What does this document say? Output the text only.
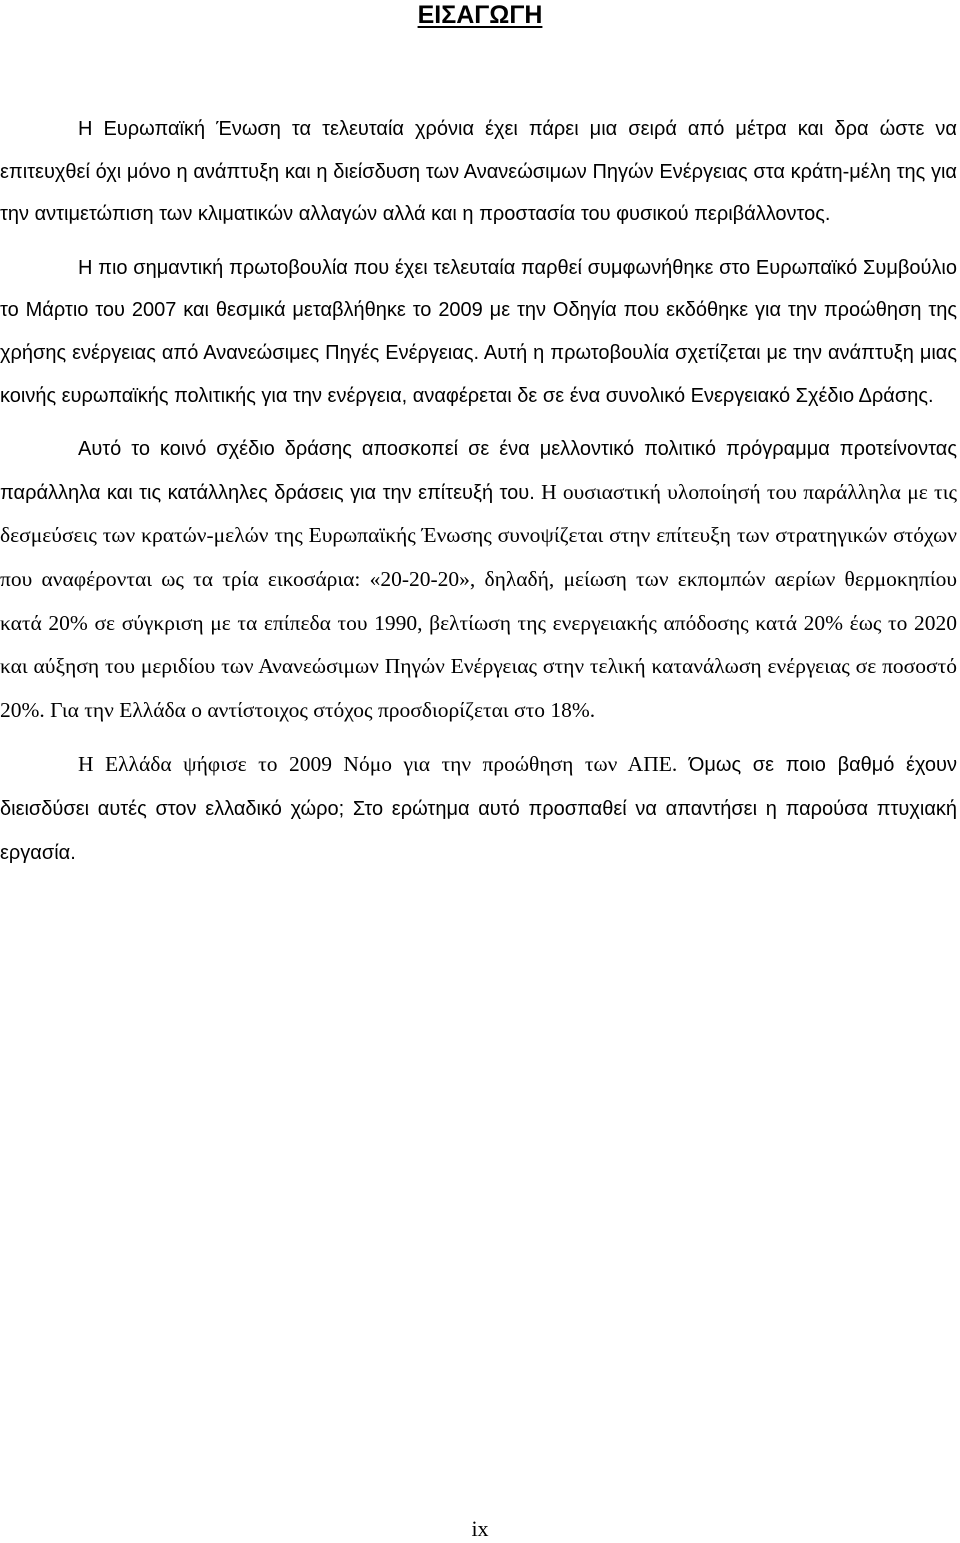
ΕΙΣΑΓΩΓΗ

Η Ευρωπαϊκή Ένωση τα τελευταία χρόνια έχει πάρει μια σειρά από μέτρα και δρα ώστε να επιτευχθεί όχι μόνο η ανάπτυξη και η διείσδυση των Ανανεώσιμων Πηγών Ενέργειας στα κράτη-μέλη της για την αντιμετώπιση των κλιματικών αλλαγών αλλά και η προστασία του φυσικού περιβάλλοντος.

Η πιο σημαντική πρωτοβουλία που έχει τελευταία παρθεί συμφωνήθηκε στο Ευρωπαϊκό Συμβούλιο το Μάρτιο του 2007 και θεσμικά μεταβλήθηκε το 2009 με την Οδηγία που εκδόθηκε για την προώθηση της χρήσης ενέργειας από Ανανεώσιμες Πηγές Ενέργειας. Αυτή η πρωτοβουλία σχετίζεται με την ανάπτυξη μιας κοινής ευρωπαϊκής πολιτικής για την ενέργεια, αναφέρεται δε σε ένα συνολικό Ενεργειακό Σχέδιο Δράσης.

Αυτό το κοινό σχέδιο δράσης αποσκοπεί σε ένα μελλοντικό πολιτικό πρόγραμμα προτείνοντας παράλληλα και τις κατάλληλες δράσεις για την επίτευξή του. Η ουσιαστική υλοποίησή του παράλληλα με τις δεσμεύσεις των κρατών-μελών της Ευρωπαϊκής Ένωσης συνοψίζεται στην επίτευξη των στρατηγικών στόχων που αναφέρονται ως τα τρία εικοσάρια: «20-20-20», δηλαδή, μείωση των εκπομπών αερίων θερμοκηπίου κατά 20% σε σύγκριση με τα επίπεδα του 1990, βελτίωση της ενεργειακής απόδοσης κατά 20% έως το 2020 και αύξηση του μεριδίου των Ανανεώσιμων Πηγών Ενέργειας στην τελική κατανάλωση ενέργειας σε ποσοστό 20%. Για την Ελλάδα ο αντίστοιχος στόχος προσδιορίζεται στο 18%.

Η Ελλάδα ψήφισε το 2009 Νόμο για την προώθηση των ΑΠΕ. Όμως σε ποιο βαθμό έχουν διεισδύσει αυτές στον ελλαδικό χώρο; Στο ερώτημα αυτό προσπαθεί να απαντήσει η παρούσα πτυχιακή εργασία.

ix
